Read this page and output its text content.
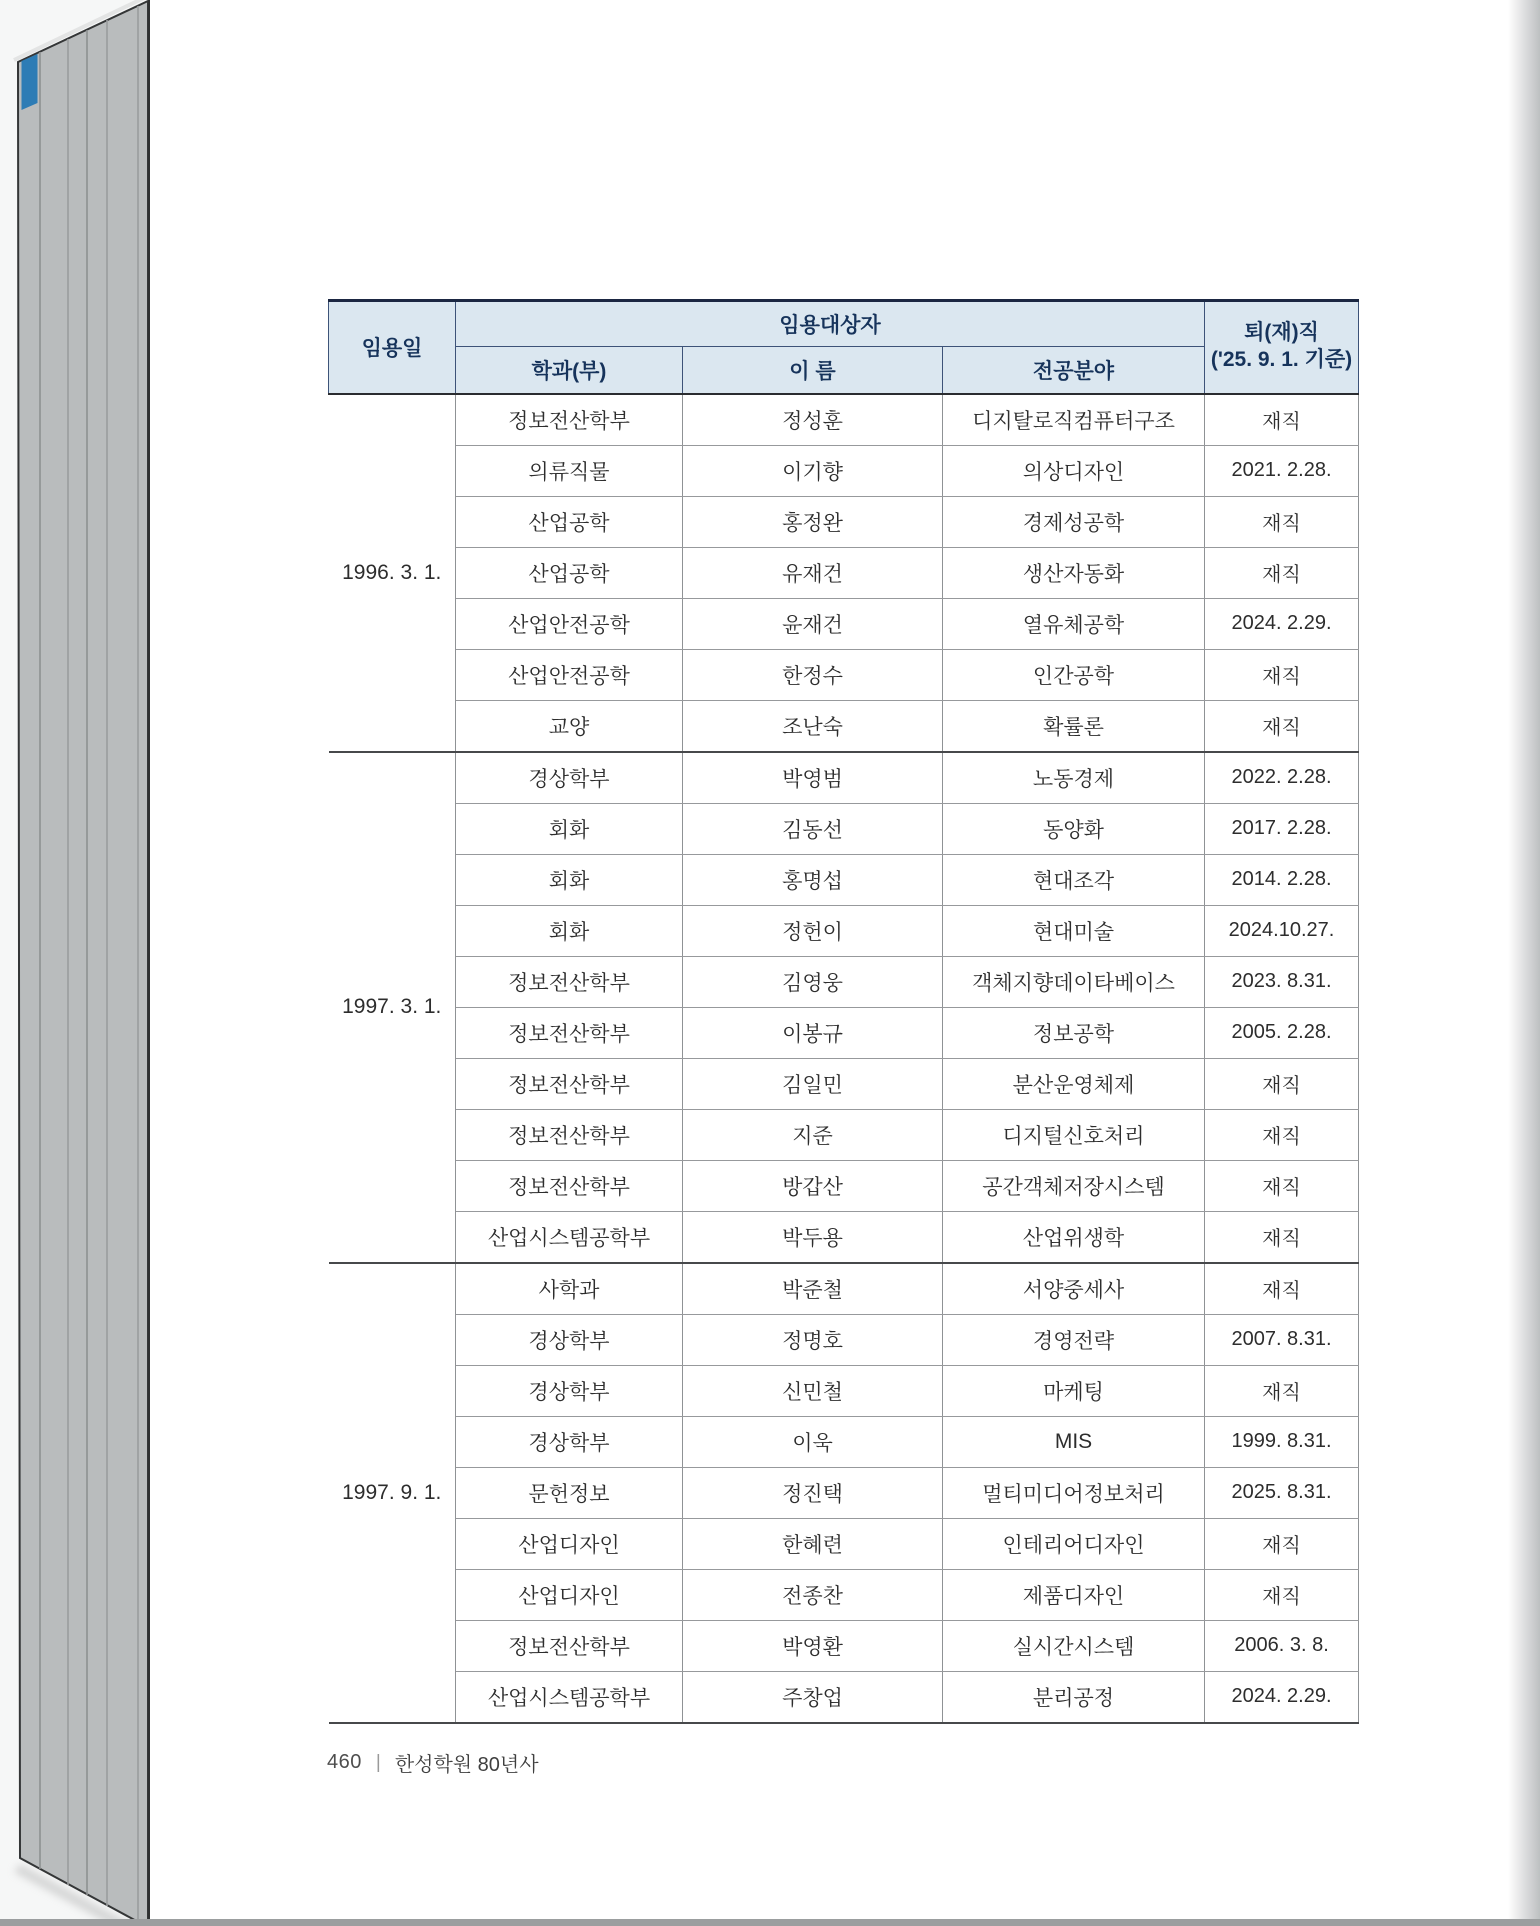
임용일	임용대상자			퇴(재)직
('25. 9. 1. 기준)

	학과(부)	이 름	전공분야	
1996. 3. 1.	정보전산학부	정성훈	디지탈로직컴퓨터구조	재직
	의류직물	이기향	의상디자인	2021. 2.28.
	산업공학	홍정완	경제성공학	재직
	산업공학	유재건	생산자동화	재직
	산업안전공학	윤재건	열유체공학	2024. 2.29.
	산업안전공학	한정수	인간공학	재직
	교양	조난숙	확률론	재직
1997. 3. 1.	경상학부	박영범	노동경제	2022. 2.28.
	회화	김동선	동양화	2017. 2.28.
	회화	홍명섭	현대조각	2014. 2.28.
	회화	정헌이	현대미술	2024.10.27.
	정보전산학부	김영웅	객체지향데이타베이스	2023. 8.31.
	정보전산학부	이봉규	정보공학	2005. 2.28.
	정보전산학부	김일민	분산운영체제	재직
	정보전산학부	지준	디지털신호처리	재직
	정보전산학부	방갑산	공간객체저장시스템	재직
	산업시스템공학부	박두용	산업위생학	재직
1997. 9. 1.	사학과	박준철	서양중세사	재직
	경상학부	정명호	경영전략	2007. 8.31.
	경상학부	신민철	마케팅	재직
	경상학부	이욱	MIS	1999. 8.31.
	문헌정보	정진택	멀티미디어정보처리	2025. 8.31.
	산업디자인	한혜련	인테리어디자인	재직
	산업디자인	전종찬	제품디자인	재직
	정보전산학부	박영환	실시간시스템	2006. 3. 8.
	산업시스템공학부	주창업	분리공정	2024. 2.29.
460 | 한성학원 80년사
